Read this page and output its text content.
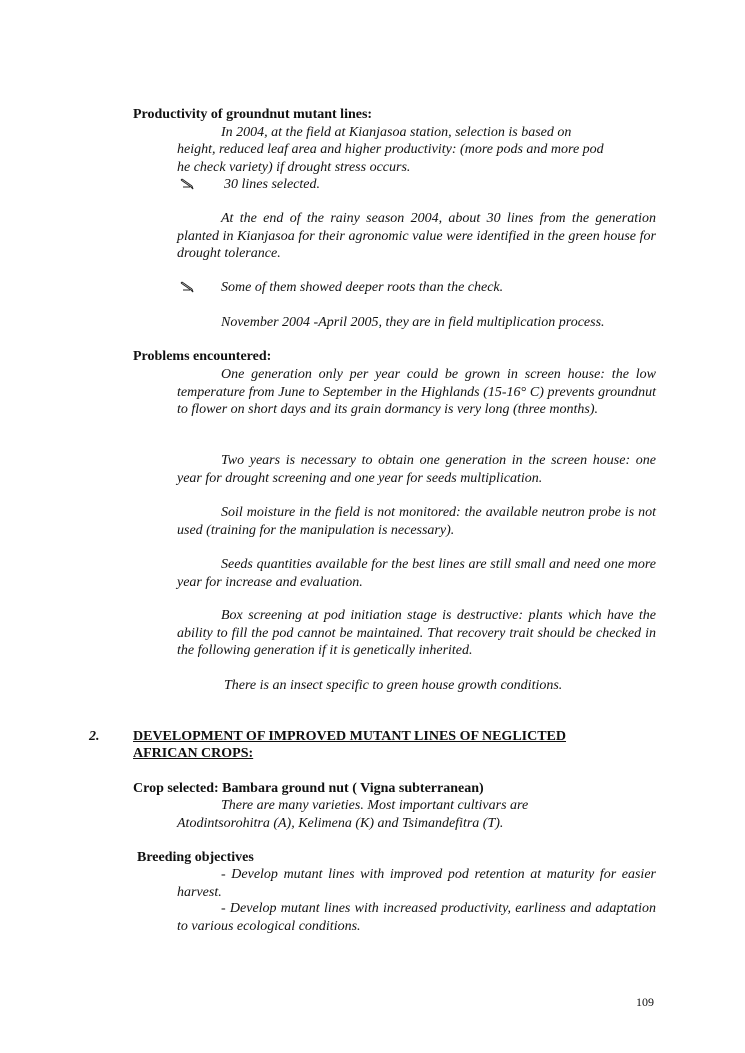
Productivity of groundnut mutant lines:
In 2004, at the field at Kianjasoa station, selection is based on
height, reduced leaf area and higher productivity: (more pods and more pod
he check variety) if drought stress occurs.
30 lines selected.
At the end of the rainy season 2004, about 30 lines from the generation planted in Kianjasoa for their agronomic value were identified in the green house for drought tolerance.
Some of them showed deeper roots than the check.
November 2004 -April 2005, they are in field multiplication process.
Problems encountered:
One generation only per year could be grown in screen house: the low temperature from June to September in the Highlands (15-16° C) prevents groundnut to flower on short days and its grain dormancy is very long (three months).
Two years is necessary to obtain one generation in the screen house: one year for drought screening and one year for seeds multiplication.
Soil moisture in the field is not monitored: the available neutron probe is not used (training for the manipulation is necessary).
Seeds quantities available for the best lines are still small and need one more year for increase and evaluation.
Box screening at pod initiation stage is destructive: plants which have the ability to fill the pod cannot be maintained. That recovery trait should be checked in the following generation if it is genetically inherited.
There is an insect specific to green house growth conditions.
2. DEVELOPMENT OF IMPROVED MUTANT LINES OF NEGLICTED
AFRICAN CROPS:
Crop selected: Bambara ground nut ( Vigna subterranean)
There are many varieties. Most important cultivars are
Atodintsorohitra (A), Kelimena (K) and Tsimandefitra (T).
Breeding objectives
- Develop mutant lines with improved pod retention at maturity for easier harvest.
- Develop mutant lines with increased productivity, earliness and adaptation to various ecological conditions.
109
